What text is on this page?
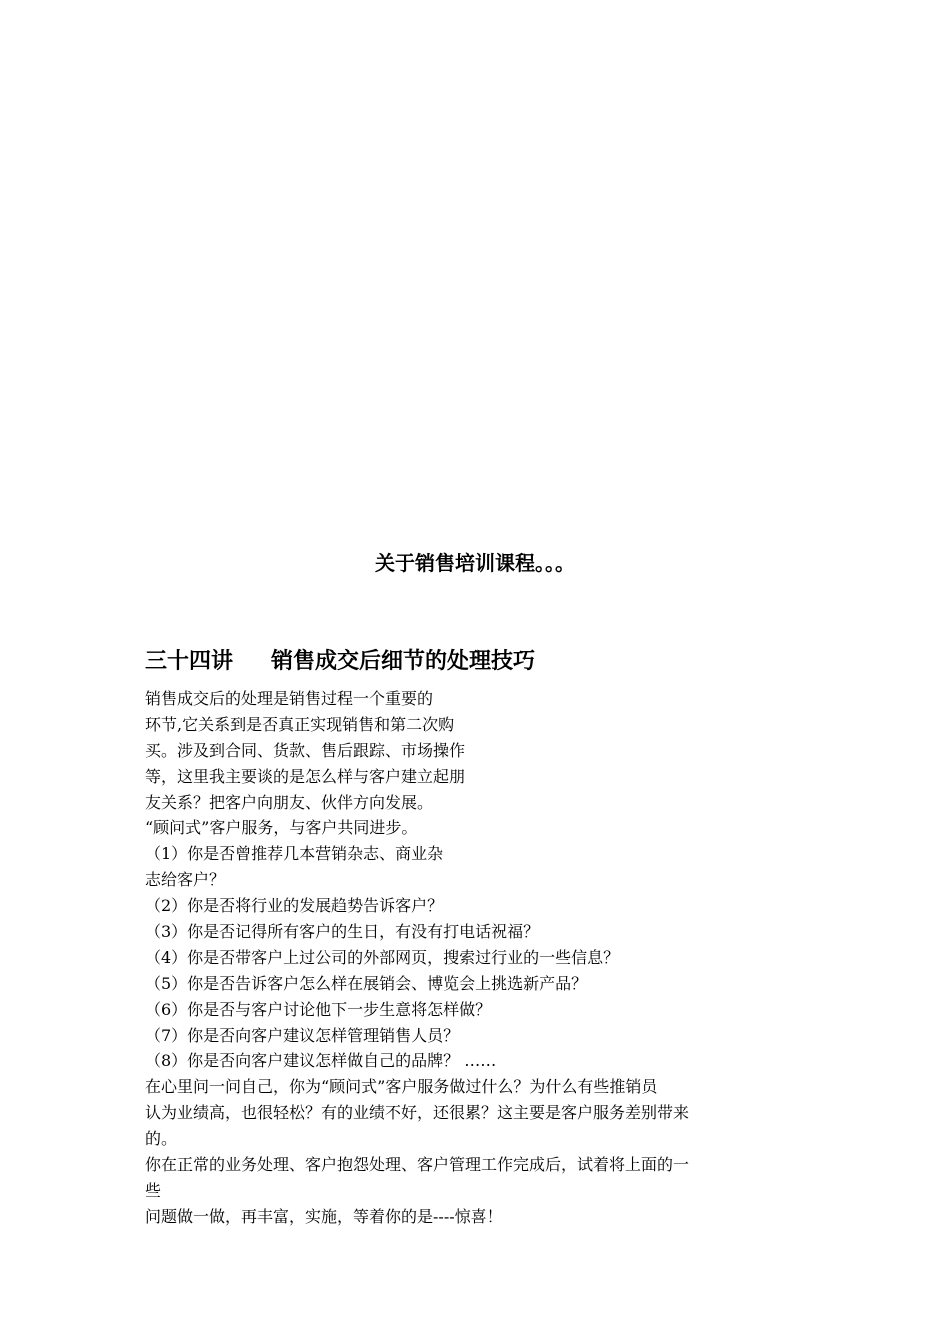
关于销售培训课程。。。
三十四讲 销售成交后细节的处理技巧
销售成交后的处理是销售过程一个重要的
环节,它关系到是否真正实现销售和第二次购
买。涉及到合同、货款、售后跟踪、市场操作
等，这里我主要谈的是怎么样与客户建立起朋
友关系？把客户向朋友、伙伴方向发展。
“顾问式”客户服务，与客户共同进步。
（1）你是否曾推荐几本营销杂志、商业杂
志给客户？
（2）你是否将行业的发展趋势告诉客户？
（3）你是否记得所有客户的生日，有没有打电话祝福？
（4）你是否带客户上过公司的外部网页，搜索过行业的一些信息？
（5）你是否告诉客户怎么样在展销会、博览会上挑选新产品？
（6）你是否与客户讨论他下一步生意将怎样做？
（7）你是否向客户建议怎样管理销售人员？
（8）你是否向客户建议怎样做自己的品牌？ ……
在心里问一问自己，你为“顾问式”客户服务做过什么？为什么有些推销员
认为业绩高，也很轻松？有的业绩不好，还很累？这主要是客户服务差别带来
的。
你在正常的业务处理、客户抱怨处理、客户管理工作完成后，试着将上面的一
些
问题做一做，再丰富，实施，等着你的是----惊喜！
